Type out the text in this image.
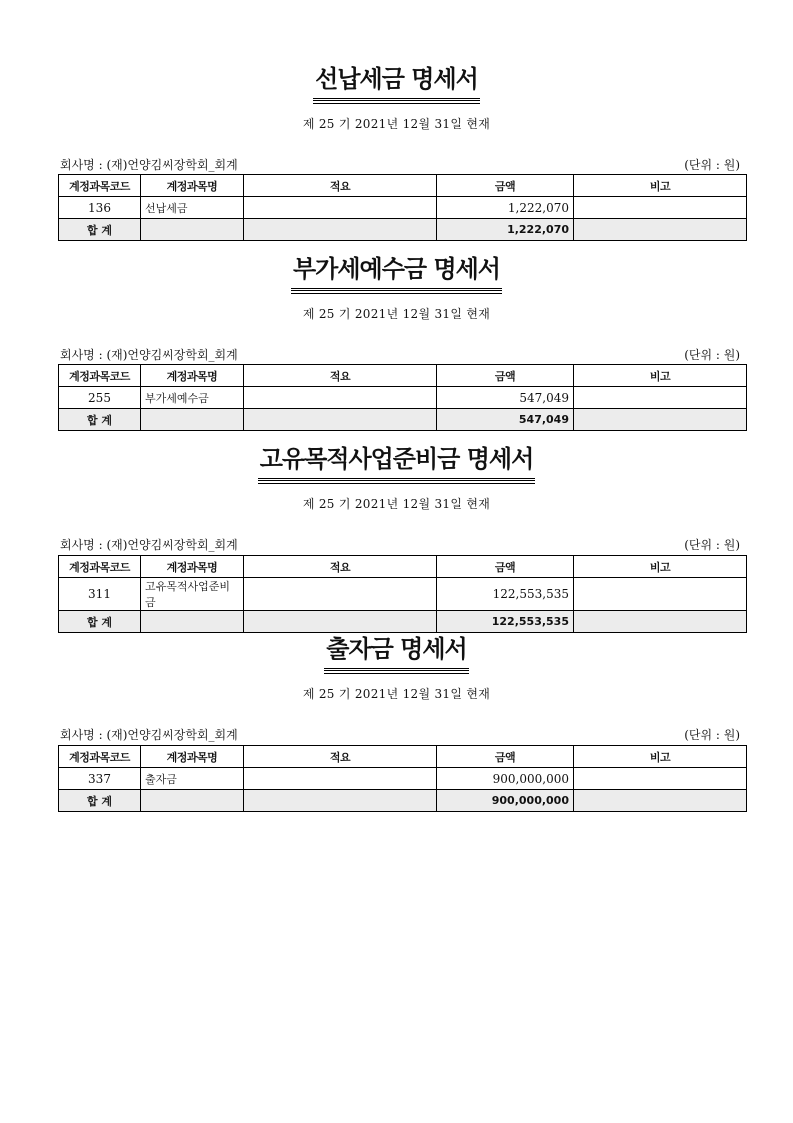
선납세금 명세서
제 25 기 2021년 12월 31일 현재
회사명 : (재)언양김씨장학회_회계	(단위 : 원)
계정과목코드	계정과목명	적요	금액	비고
136	선납세금		1,222,070	
합 계			1,222,070	
부가세예수금 명세서
제 25 기 2021년 12월 31일 현재
회사명 : (재)언양김씨장학회_회계	(단위 : 원)
계정과목코드	계정과목명	적요	금액	비고
255	부가세예수금		547,049	
합 계			547,049	
고유목적사업준비금 명세서
제 25 기 2021년 12월 31일 현재
회사명 : (재)언양김씨장학회_회계	(단위 : 원)
계정과목코드	계정과목명	적요	금액	비고
311	고유목적사업준비금		122,553,535	
합 계			122,553,535	
출자금 명세서
제 25 기 2021년 12월 31일 현재
회사명 : (재)언양김씨장학회_회계	(단위 : 원)
계정과목코드	계정과목명	적요	금액	비고
337	출자금		900,000,000	
합 계			900,000,000	
